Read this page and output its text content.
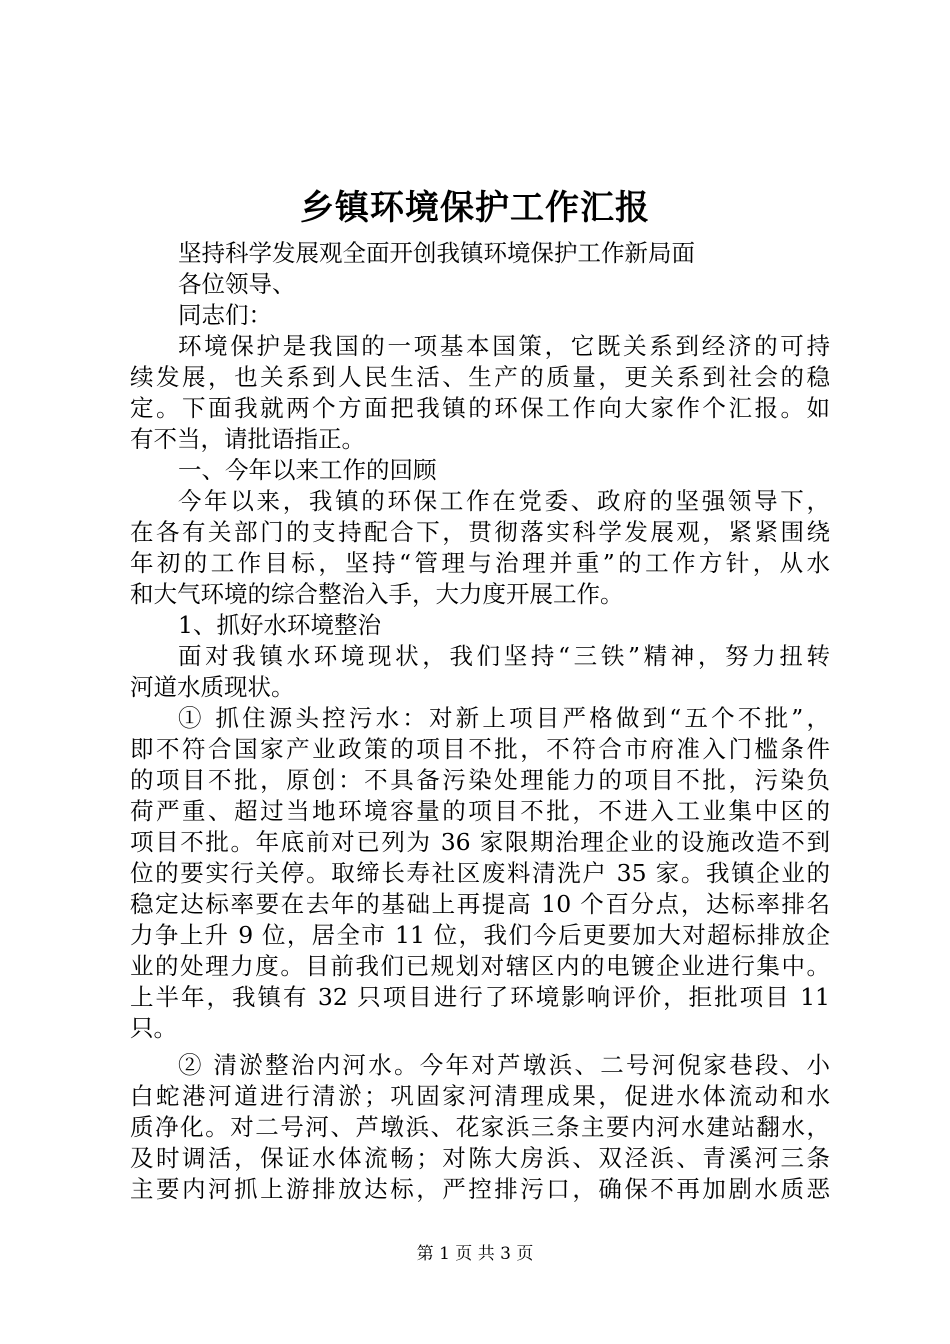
乡镇环境保护工作汇报
坚持科学发展观全面开创我镇环境保护工作新局面
各位领导、
同志们：
环境保护是我国的一项基本国策，它既关系到经济的可持
续发展，也关系到人民生活、生产的质量，更关系到社会的稳
定。下面我就两个方面把我镇的环保工作向大家作个汇报。如
有不当，请批语指正。
一、今年以来工作的回顾
今年以来，我镇的环保工作在党委、政府的坚强领导下，
在各有关部门的支持配合下，贯彻落实科学发展观，紧紧围绕
年初的工作目标，坚持“管理与治理并重”的工作方针，从水
和大气环境的综合整治入手，大力度开展工作。
1、抓好水环境整治
面对我镇水环境现状，我们坚持“三铁”精神，努力扭转
河道水质现状。
① 抓住源头控污水：对新上项目严格做到“五个不批”，
即不符合国家产业政策的项目不批，不符合市府准入门槛条件
的项目不批，原创：不具备污染处理能力的项目不批，污染负
荷严重、超过当地环境容量的项目不批，不进入工业集中区的
项目不批。年底前对已列为 36 家限期治理企业的设施改造不到
位的要实行关停。取缔长寿社区废料清洗户 35 家。我镇企业的
稳定达标率要在去年的基础上再提高 10 个百分点，达标率排名
力争上升 9 位，居全市 11 位，我们今后更要加大对超标排放企
业的处理力度。目前我们已规划对辖区内的电镀企业进行集中。
上半年，我镇有 32 只项目进行了环境影响评价，拒批项目 11
只。
② 清淤整治内河水。今年对芦墩浜、二号河倪家巷段、小
白蛇港河道进行清淤；巩固家河清理成果，促进水体流动和水
质净化。对二号河、芦墩浜、花家浜三条主要内河水建站翻水，
及时调活，保证水体流畅；对陈大房浜、双泾浜、青溪河三条
主要内河抓上游排放达标，严控排污口，确保不再加剧水质恶
第 1 页 共 3 页
